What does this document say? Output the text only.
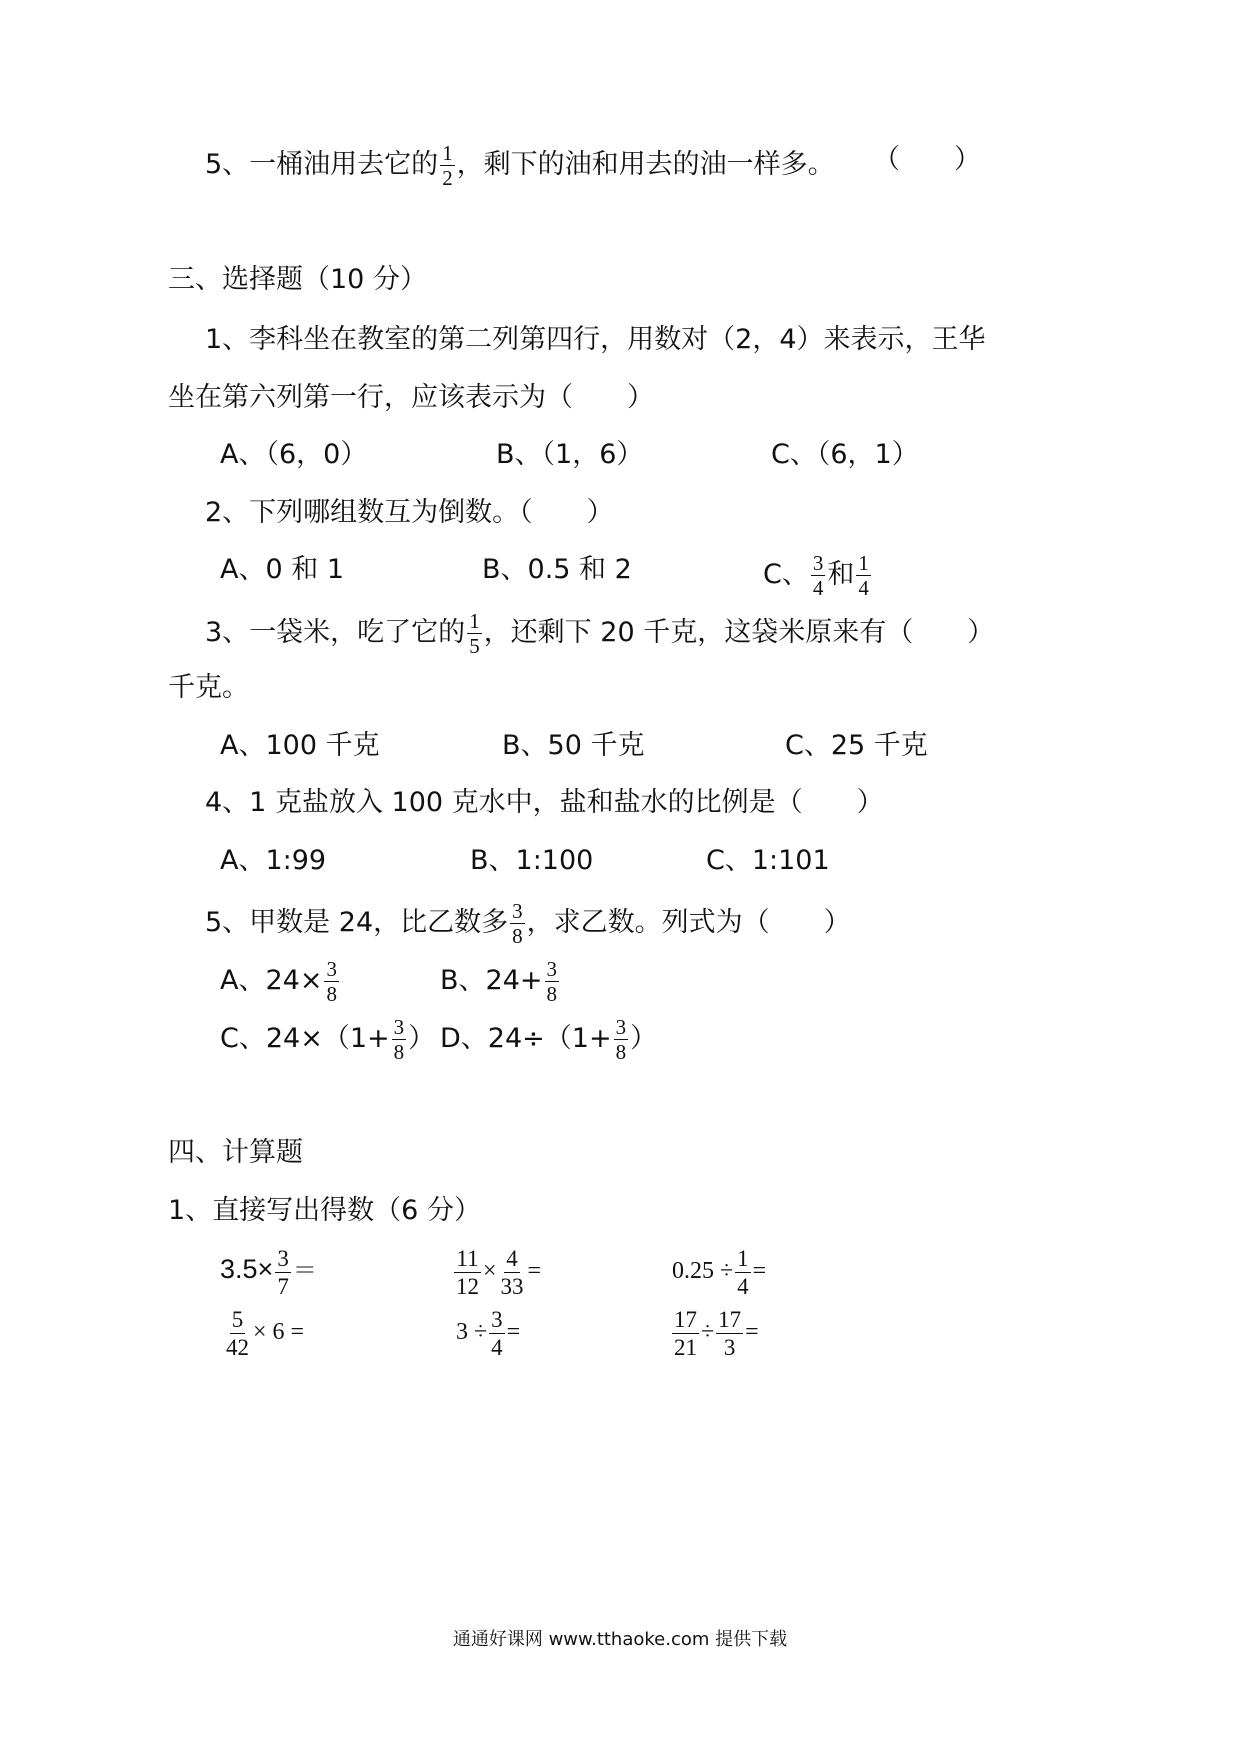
5、一桶油用去它的 $\frac{1}{2}$ ，剩下的油和用去的油一样多。 （　　）
三、选择题（10 分）
1、李科坐在教室的第二列第四行，用数对（2，4）来表示，王华
坐在第六列第一行，应该表示为（　　）
A、（6，0）	B、（1，6）	C、（6，1）
2、下列哪组数互为倒数。（　　）
A、0 和 1	B、0.5 和 2	C、 $\frac{3}{4}$ 和 $\frac{1}{4}$
3、一袋米，吃了它的 $\frac{1}{5}$ ，还剩下 20 千克，这袋米原来有（　　）
千克。
A、100 千克	B、50 千克	C、25 千克
4、1 克盐放入 100 克水中，盐和盐水的比例是（　　）
A、1:99	B、1:100	C、1:101
5、甲数是 24，比乙数多 $\frac{3}{8}$ ，求乙数。列式为（　　）
A、$24\times \frac{3}{8}$	B、$24+ \frac{3}{8}$
C、$24\times(1+ \frac{3}{8}$ ） D、$24\div(1+ \frac{3}{8}$ ）
四、计算题
1、直接写出得数（6 分）
$3.5\times \frac{3}{7}$ ＝	$\frac{11}{12} \times \frac{4}{33}$ =	$0.25 \div \frac{1}{4}$ =
$\frac{5}{42} \times 6$ =	$3 \div \frac{3}{4}$ =	$\frac{17}{21} \div \frac{17}{3}$ =
通通好课网 www.tthaoke.com 提供下载
